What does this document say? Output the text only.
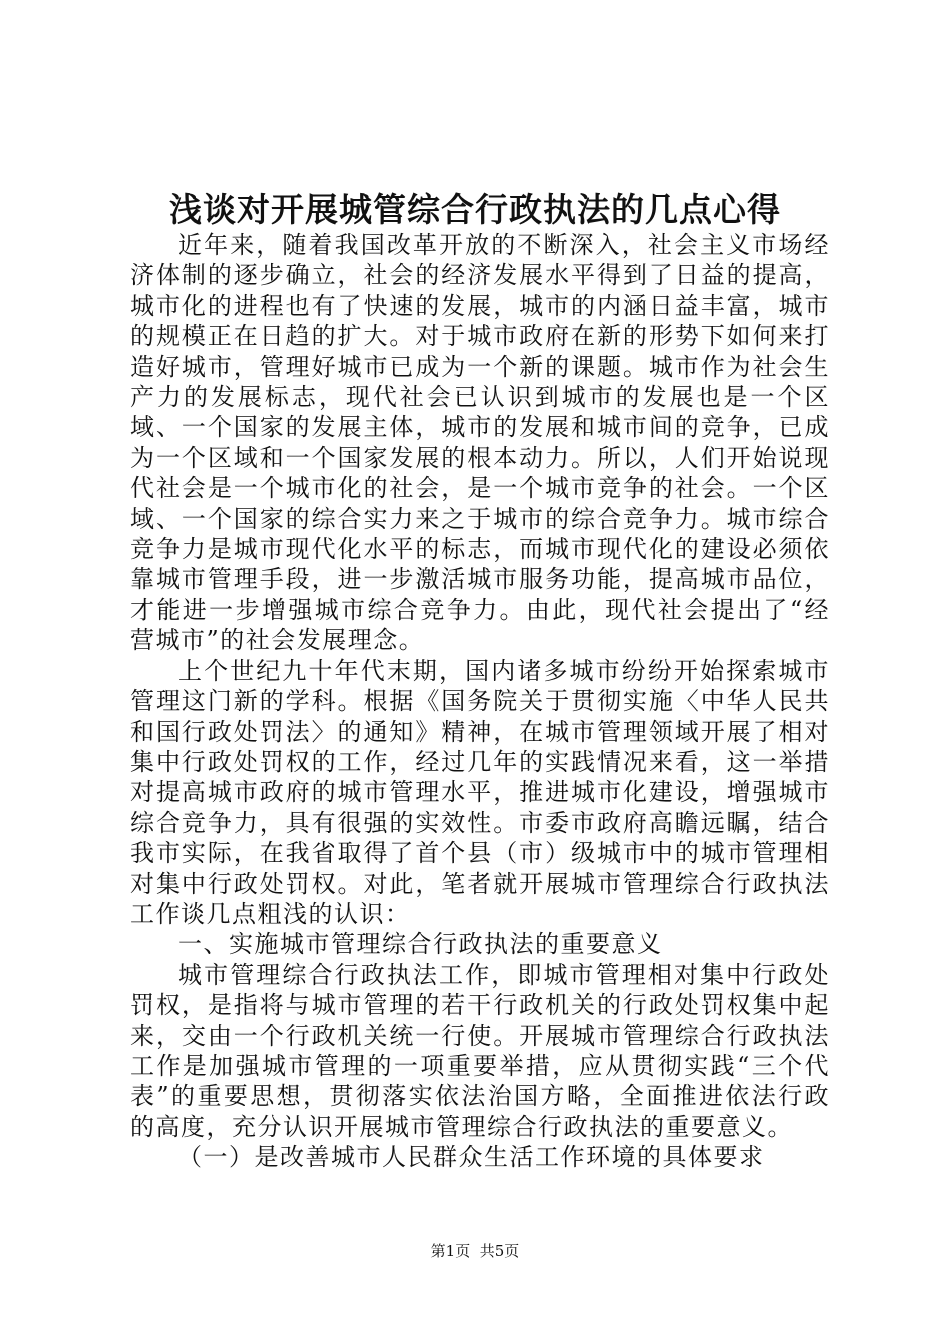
浅谈对开展城管综合行政执法的几点心得

近年来，随着我国改革开放的不断深入，社会主义市场经济体制的逐步确立，社会的经济发展水平得到了日益的提高，城市化的进程也有了快速的发展，城市的内涵日益丰富，城市的规模正在日趋的扩大。对于城市政府在新的形势下如何来打造好城市，管理好城市已成为一个新的课题。城市作为社会生产力的发展标志，现代社会已认识到城市的发展也是一个区域、一个国家的发展主体，城市的发展和城市间的竞争，已成为一个区域和一个国家发展的根本动力。所以，人们开始说现代社会是一个城市化的社会，是一个城市竞争的社会。一个区域、一个国家的综合实力来之于城市的综合竞争力。城市综合竞争力是城市现代化水平的标志，而城市现代化的建设必须依靠城市管理手段，进一步激活城市服务功能，提高城市品位，才能进一步增强城市综合竞争力。由此，现代社会提出了“经营城市”的社会发展理念。

上个世纪九十年代末期，国内诸多城市纷纷开始探索城市管理这门新的学科。根据《国务院关于贯彻实施〈中华人民共和国行政处罚法〉的通知》精神，在城市管理领域开展了相对集中行政处罚权的工作，经过几年的实践情况来看，这一举措对提高城市政府的城市管理水平，推进城市化建设，增强城市综合竞争力，具有很强的实效性。市委市政府高瞻远瞩，结合我市实际，在我省取得了首个县（市）级城市中的城市管理相对集中行政处罚权。对此，笔者就开展城市管理综合行政执法工作谈几点粗浅的认识：

一、实施城市管理综合行政执法的重要意义

城市管理综合行政执法工作，即城市管理相对集中行政处罚权，是指将与城市管理的若干行政机关的行政处罚权集中起来，交由一个行政机关统一行使。开展城市管理综合行政执法工作是加强城市管理的一项重要举措，应从贯彻实践“三个代表”的重要思想，贯彻落实依法治国方略，全面推进依法行政的高度，充分认识开展城市管理综合行政执法的重要意义。

（一）是改善城市人民群众生活工作环境的具体要求

第1页 共5页
